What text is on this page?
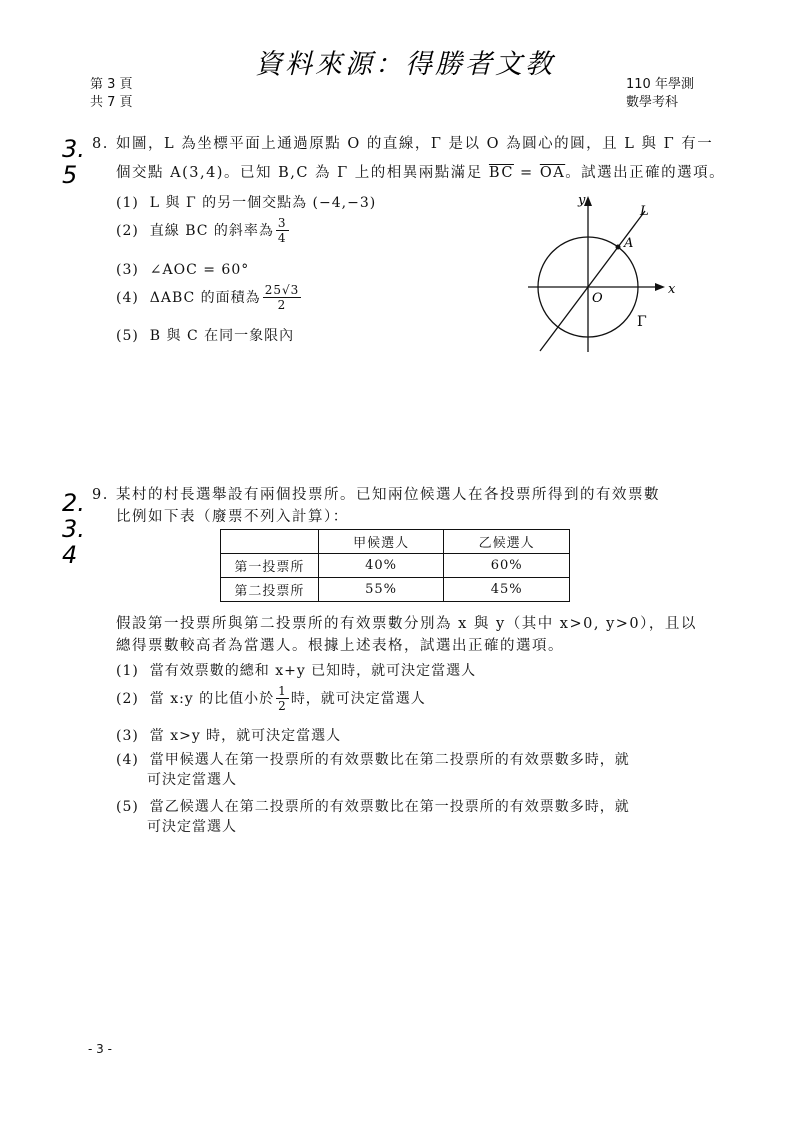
第 3 頁
共 7 頁
資料來源：得勝者文教
110 年學測
數學考科
3.
5
8. 如圖，L 為坐標平面上通過原點 O 的直線，Γ 是以 O 為圓心的圓，且 L 與 Γ 有一
個交點 A(3,4)。已知 B,C 為 Γ 上的相異兩點滿足 $\overline{BC} = \overline{OA}$。試選出正確的選項。
(1) L 與 Γ 的另一個交點為 (−4,−3)
(2)
直線 BC 的斜率為 $\frac{3}{4}$
(3) ∠AOC = 60°
(4)
ΔABC 的面積為 $\frac{25√3}{2}$
(5) B 與 C 在同一象限內
y
x
L
A
O
Γ
2.
3.
4
9. 某村的村長選舉設有兩個投票所。已知兩位候選人在各投票所得到的有效票數
比例如下表（廢票不列入計算）：
	甲候選人	乙候選人
第一投票所	40%	60%
第二投票所	55%	45%
假設第一投票所與第二投票所的有效票數分別為 x 與 y（其中 x>0, y>0），且以
總得票數較高者為當選人。根據上述表格，試選出正確的選項。
(1) 當有效票數的總和 x+y 已知時，就可決定當選人
(2)
當 x:y 的比值小於 $\frac{1}{2}$ 時，就可決定當選人
(3) 當 x>y 時，就可決定當選人
(4) 當甲候選人在第一投票所的有效票數比在第二投票所的有效票數多時，就
可決定當選人
(5) 當乙候選人在第二投票所的有效票數比在第一投票所的有效票數多時，就
可決定當選人
- 3 -
